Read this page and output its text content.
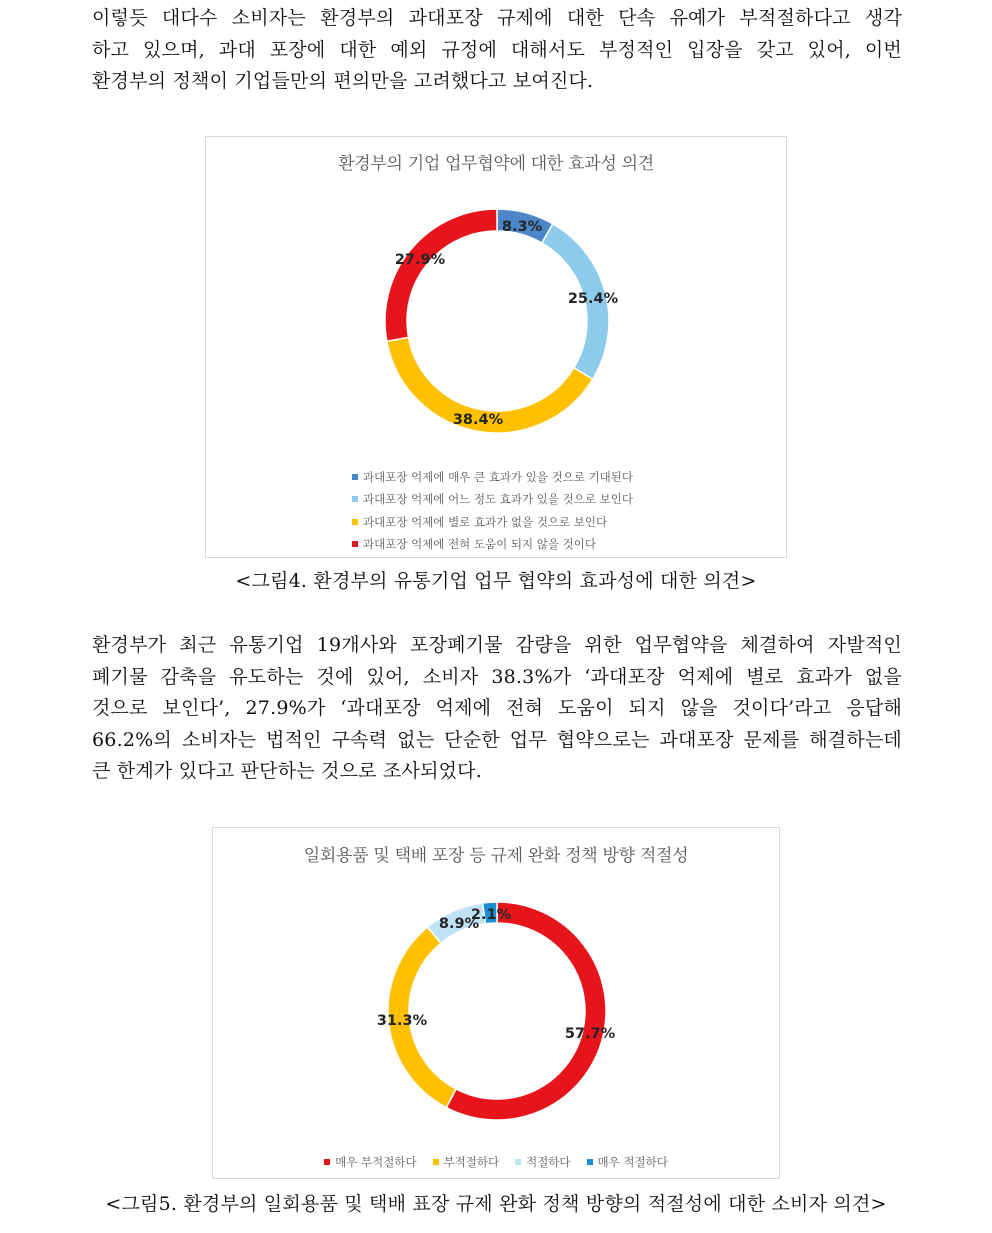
이렇듯 대다수 소비자는 환경부의 과대포장 규제에 대한 단속 유예가 부적절하다고 생각
하고 있으며, 과대 포장에 대한 예외 규정에 대해서도 부정적인 입장을 갖고 있어, 이번
환경부의 정책이 기업들만의 편의만을 고려했다고 보여진다.

환경부의 기업 업무협약에 대한 효과성 의견
8.3%
25.4%
38.4%
27.9%
과대포장 억제에 매우 큰 효과가 있을 것으로 기대된다
과대포장 억제에 어느 정도 효과가 있을 것으로 보인다
과대포장 억제에 별로 효과가 없을 것으로 보인다
과대포장 억제에 전혀 도움이 되지 않을 것이다
<그림4. 환경부의 유통기업 업무 협약의 효과성에 대한 의견>

환경부가 최근 유통기업 19개사와 포장폐기물 감량을 위한 업무협약을 체결하여 자발적인
폐기물 감축을 유도하는 것에 있어, 소비자 38.3%가 ‘과대포장 억제에 별로 효과가 없을
것으로 보인다’, 27.9%가 ‘과대포장 억제에 전혀 도움이 되지 않을 것이다’라고 응답해
66.2%의 소비자는 법적인 구속력 없는 단순한 업무 협약으로는 과대포장 문제를 해결하는데
큰 한계가 있다고 판단하는 것으로 조사되었다.

일회용품 및 택배 포장 등 규제 완화 정책 방향 적절성
57.7%
31.3%
8.9%
2.1%
매우 부적절하다 부적절하다 적절하다 매우 적절하다
<그림5. 환경부의 일회용품 및 택배 표장 규제 완화 정책 방향의 적절성에 대한 소비자 의견>
